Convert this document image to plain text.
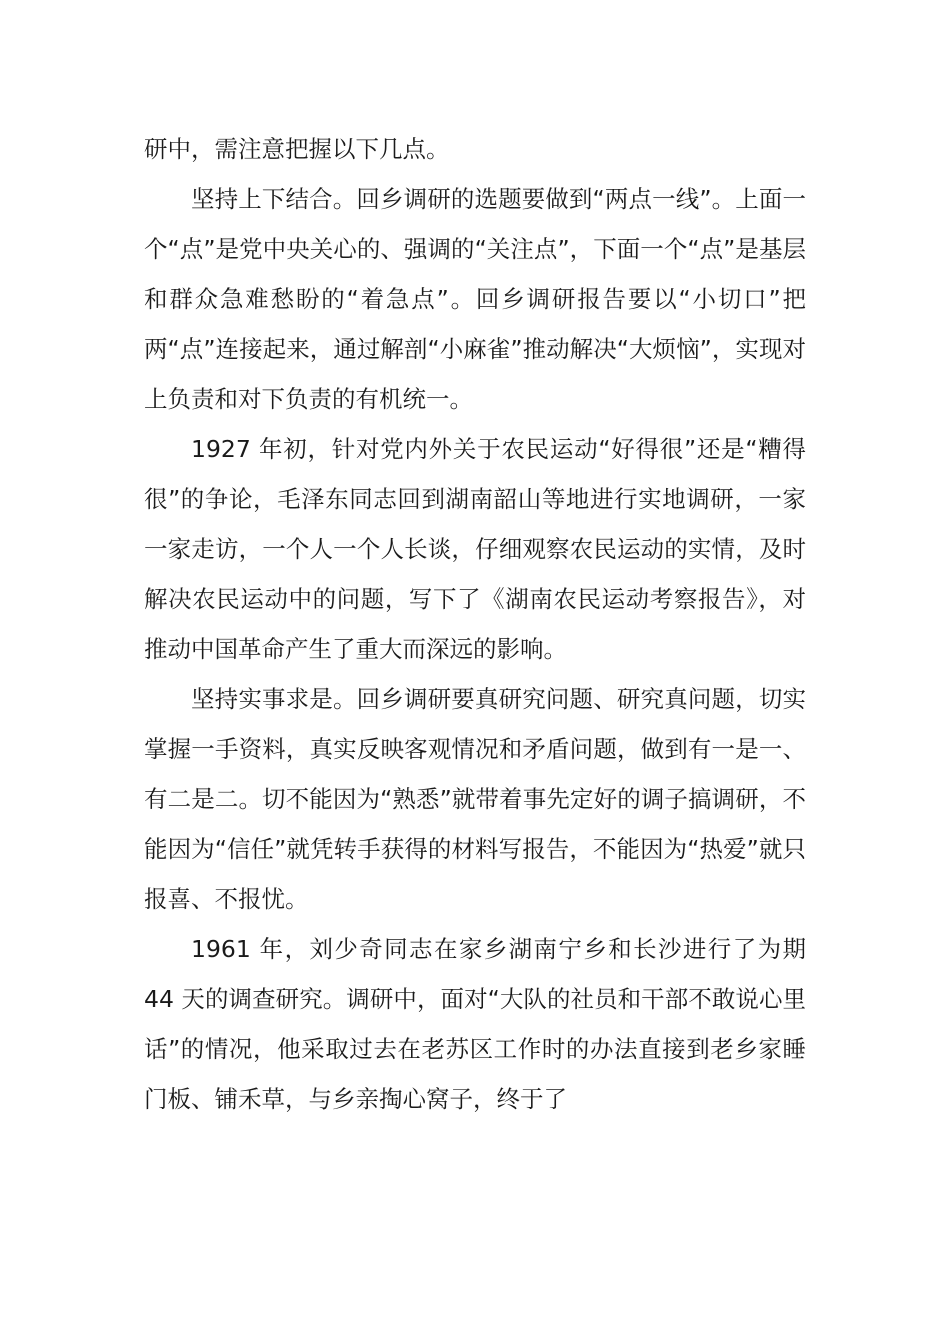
研中，需注意把握以下几点。

坚持上下结合。回乡调研的选题要做到“两点一线”。上面一个“点”是党中央关心的、强调的“关注点”，下面一个“点”是基层和群众急难愁盼的“着急点”。回乡调研报告要以“小切口”把两“点”连接起来，通过解剖“小麻雀”推动解决“大烦恼”，实现对上负责和对下负责的有机统一。

1927 年初，针对党内外关于农民运动“好得很”还是“糟得很”的争论，毛泽东同志回到湖南韶山等地进行实地调研，一家一家走访，一个人一个人长谈，仔细观察农民运动的实情，及时解决农民运动中的问题，写下了《湖南农民运动考察报告》，对推动中国革命产生了重大而深远的影响。

坚持实事求是。回乡调研要真研究问题、研究真问题，切实掌握一手资料，真实反映客观情况和矛盾问题，做到有一是一、有二是二。切不能因为“熟悉”就带着事先定好的调子搞调研，不能因为“信任”就凭转手获得的材料写报告，不能因为“热爱”就只报喜、不报忧。

1961 年，刘少奇同志在家乡湖南宁乡和长沙进行了为期 44 天的调查研究。调研中，面对“大队的社员和干部不敢说心里话”的情况，他采取过去在老苏区工作时的办法直接到老乡家睡门板、铺禾草，与乡亲掏心窝子，终于了
